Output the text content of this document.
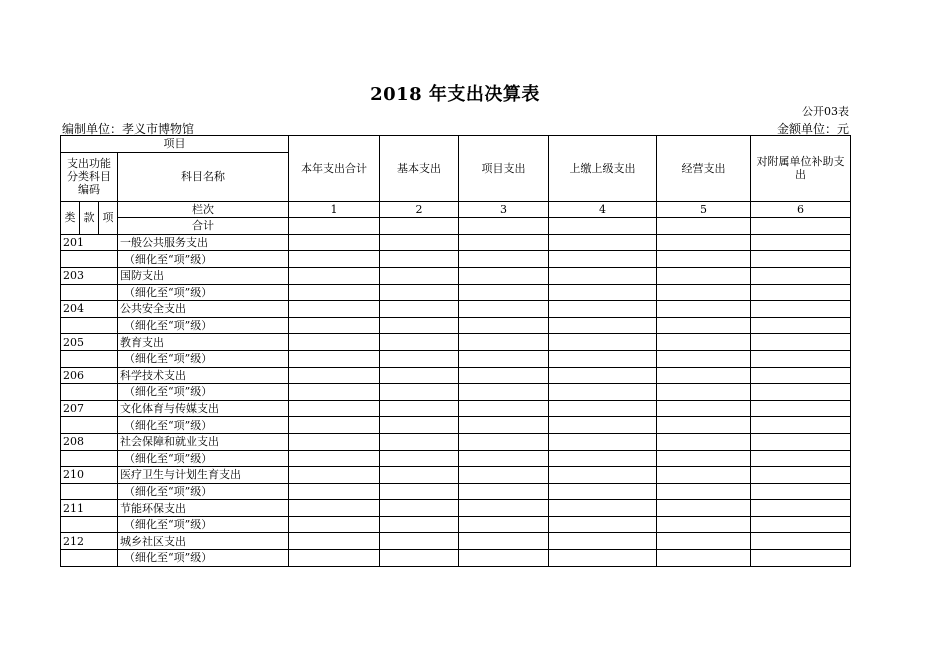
2018 年支出决算表
公开03表
编制单位：孝义市博物馆	金额单位：元
项目				本年支出合计	基本支出	项目支出	上缴上级支出	经营支出	对附属单位补助支出
支出功能分类科目编码			科目名称						
类	款	项	栏次	1	2	3	4	5	6
			合计						
201			一般公共服务支出						
			（细化至“项”级）						
203			国防支出						
			（细化至“项”级）						
204			公共安全支出						
			（细化至“项”级）						
205			教育支出						
			（细化至“项”级）						
206			科学技术支出						
			（细化至“项”级）						
207			文化体育与传媒支出						
			（细化至“项”级）						
208			社会保障和就业支出						
			（细化至“项”级）						
210			医疗卫生与计划生育支出						
			（细化至“项”级）						
211			节能环保支出						
			（细化至“项”级）						
212			城乡社区支出						
			（细化至“项”级）						
